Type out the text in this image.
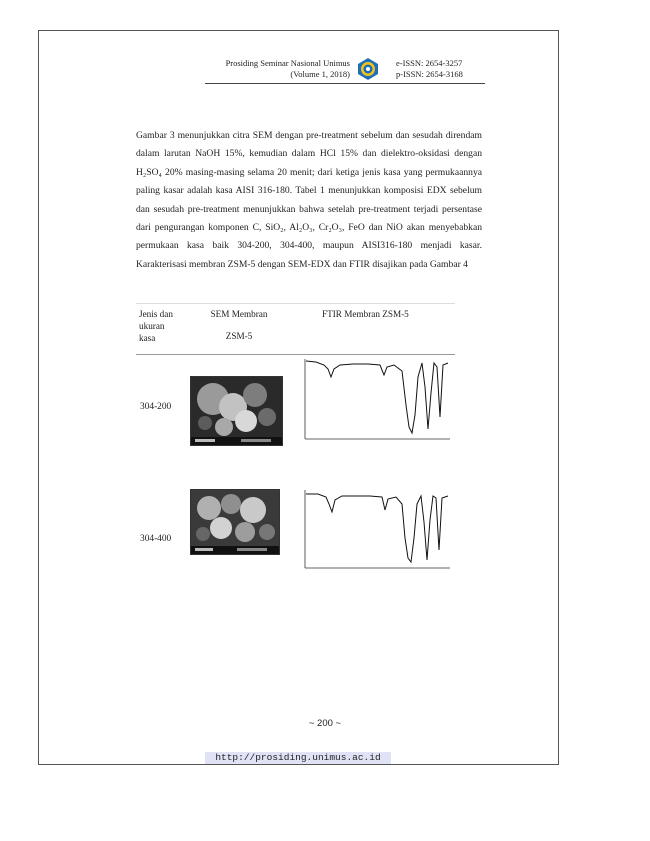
Prosiding Seminar Nasional Unimus
(Volume 1, 2018)
e-ISSN: 2654-3257
p-ISSN: 2654-3168

Gambar 3 menunjukkan citra SEM dengan pre-treatment sebelum dan sesudah direndam dalam larutan NaOH 15%, kemudian dalam HCl 15% dan dielektro-oksidasi dengan H₂SO₄ 20% masing-masing selama 20 menit; dari ketiga jenis kasa yang permukaannya paling kasar adalah kasa AISI 316-180. Tabel 1 menunjukkan komposisi EDX sebelum dan sesudah pre-treatment menunjukkan bahwa setelah pre-treatment terjadi persentase dari pengurangan komponen C, SiO₂, Al₂O₃, Cr₂O₃, FeO dan NiO akan menyebabkan permukaan kasa baik 304-200, 304-400, maupun AISI316-180 menjadi kasar. Karakterisasi membran ZSM-5 dengan SEM-EDX dan FTIR disajikan pada Gambar 4

Jenis dan
ukuran
kasa
SEM Membran
ZSM-5
FTIR Membran ZSM-5
304-200
304-400
~ 200 ~
http://prosiding.unimus.ac.id
